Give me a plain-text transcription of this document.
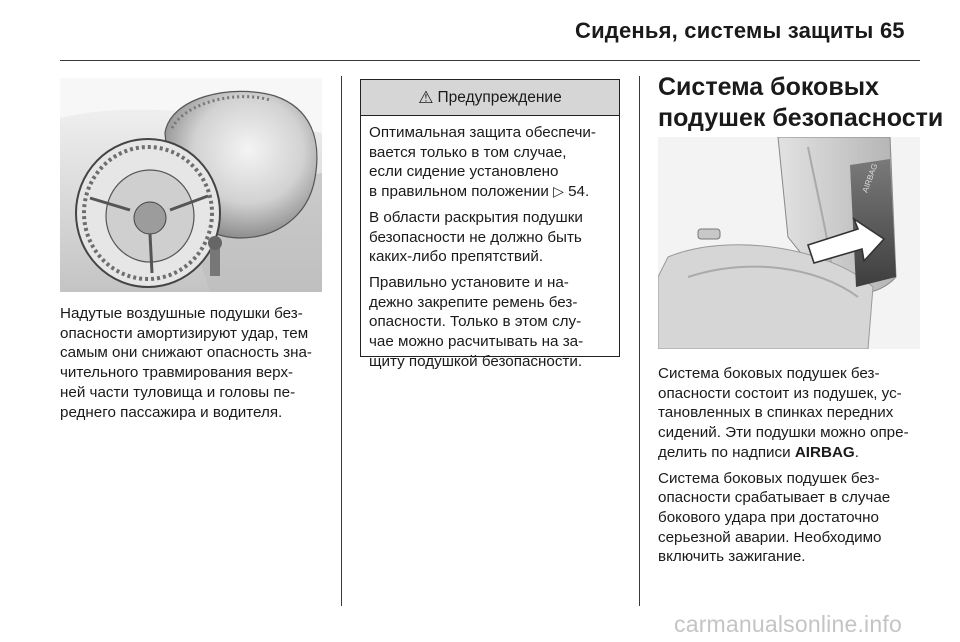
Сиденья, системы защиты 65
Надутые воздушные подушки без-
опасности амортизируют удар, тем
самым они снижают опасность зна-
чительного травмирования верх-
ней части туловища и головы пе-
реднего пассажира и водителя.
⚠ Предупреждение

Оптимальная защита обеспечи-
вается только в том случае,
если сидение установлено
в правильном положении ▷ 54.

В области раскрытия подушки
безопасности не должно быть
каких-либо препятствий.

Правильно установите и на-
дежно закрепите ремень без-
опасности. Только в этом слу-
чае можно расчитывать на за-
щиту подушкой безопасности.

Система боковых
подушек безопасности
AIRBAG

Система боковых подушек без-
опасности состоит из подушек, ус-
тановленных в спинках передних
сидений. Эти подушки можно опре-
делить по надписи AIRBAG.

Система боковых подушек без-
опасности срабатывает в случае
бокового удара при достаточно
серьезной аварии. Необходимо
включить зажигание.

carmanualsonline.info
